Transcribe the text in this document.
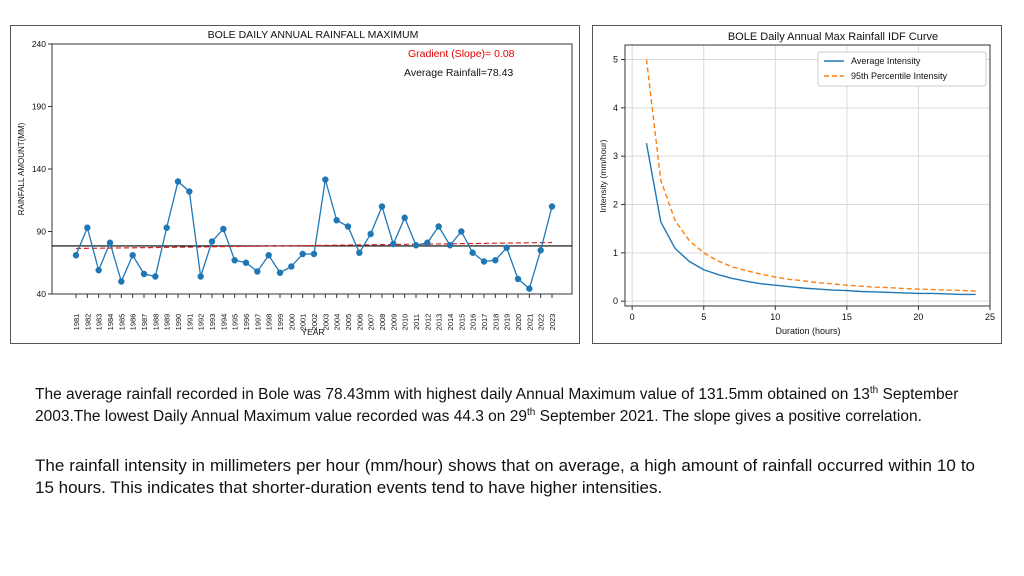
BOLE DAILY ANNUAL RAINFALL MAXIMUM
40
90
140
190
240
1981 1982 1983 1984 1985 1986 1987 1988 1989 1990 1991 1992 1993 1994 1995 1996 1997 1998 1999 2000 2001 2002 2003 2004 2005 2006 2007 2008 2009 2010 2011 2012 2013 2014 2015 2016 2017 2018 2019 2020 2021 2022 2023
YEAR
RAINFALL AMOUNT(MM)
Gradient (Slope)= 0.08
Average Rainfall=78.43
BOLE Daily Annual Max Rainfall IDF Curve
0	5	10	15	20	25
0
1
2
3
4
5
Duration (hours)
Intensity (mm/hour)
Average Intensity
95th Percentile Intensity
The average rainfall recorded in Bole was 78.43mm with highest daily Annual Maximum value of 131.5mm obtained on 13th September 2003.The lowest Daily Annual Maximum value recorded was 44.3 on 29th September 2021. The slope gives a positive correlation.
The rainfall intensity in millimeters per hour (mm/hour) shows that on average, a high amount of rainfall occurred within 10 to 15 hours. This indicates that shorter-duration events tend to have higher intensities.
